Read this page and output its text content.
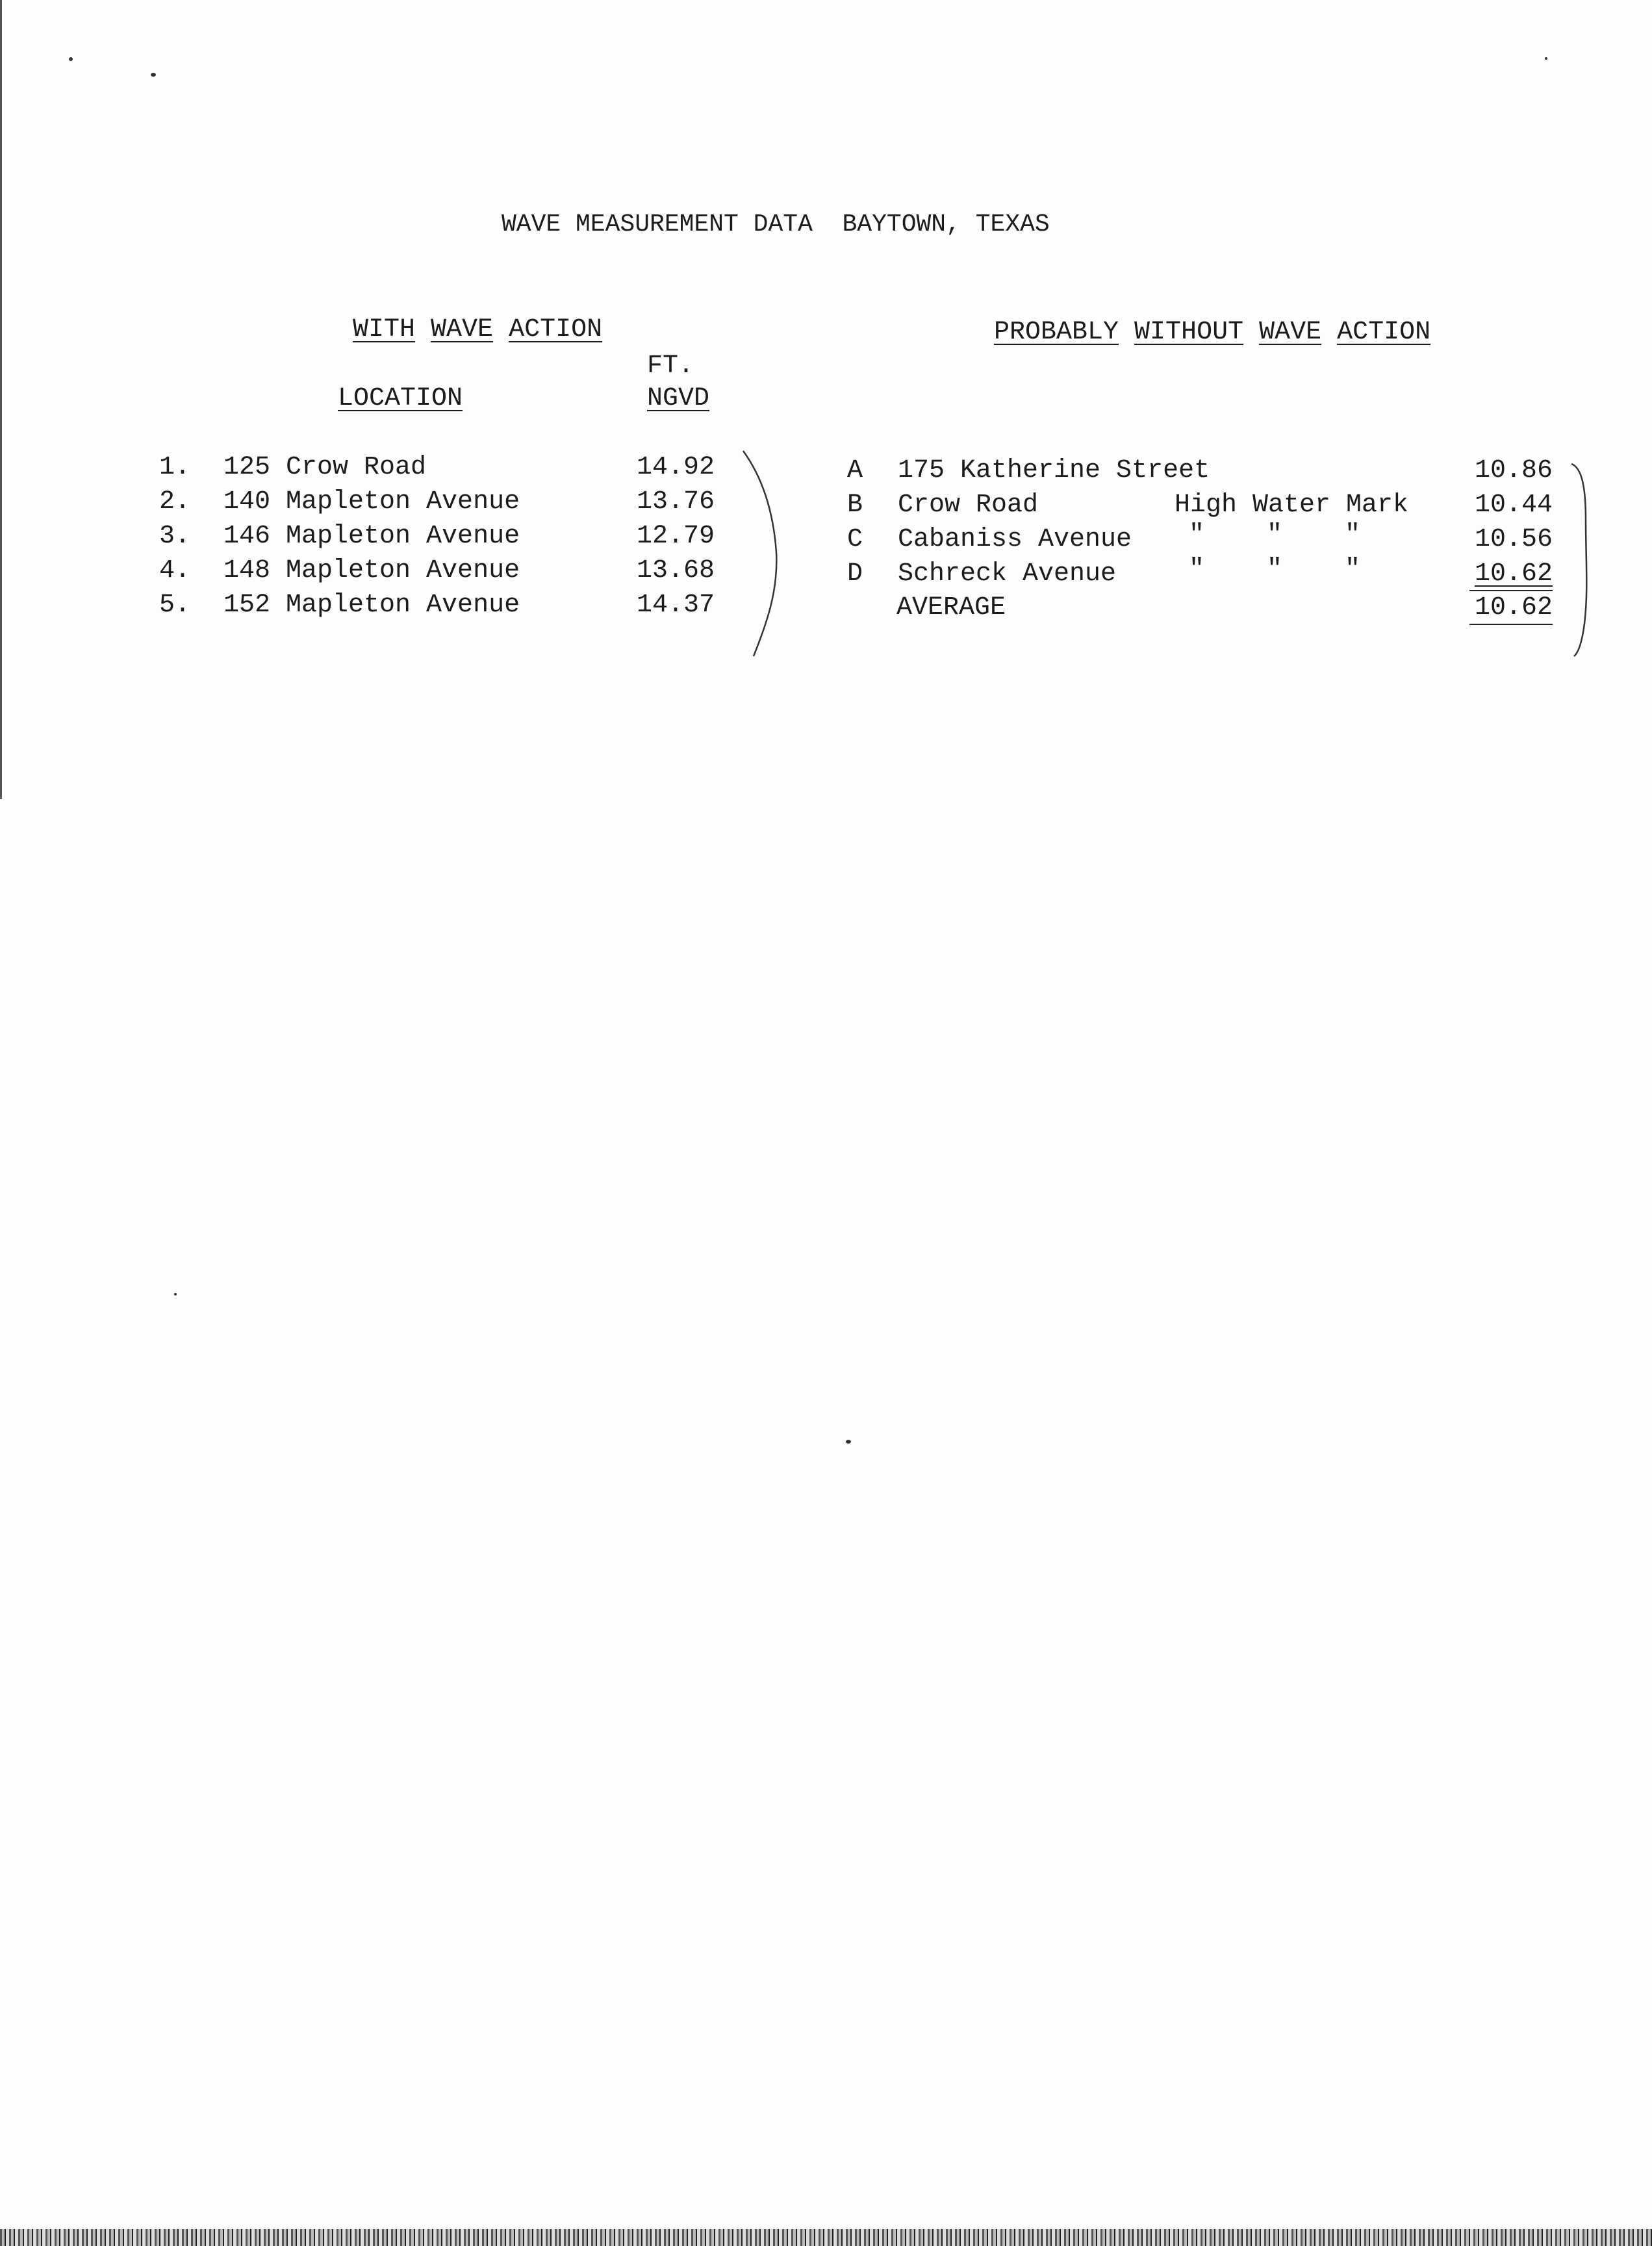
WAVE MEASUREMENT DATA  BAYTOWN, TEXAS
WITH WAVE ACTION
FT.
LOCATION	NGVD
1. 125 Crow Road	14.92
2. 140 Mapleton Avenue	13.76
3. 146 Mapleton Avenue	12.79
4. 148 Mapleton Avenue	13.68
5. 152 Mapleton Avenue	14.37
PROBABLY WITHOUT WAVE ACTION
A 175 Katherine Street	10.86
B Crow Road	High Water Mark	10.44
C Cabaniss Avenue "    "    "	10.56
D Schreck Avenue	"    "    "	10.62
AVERAGE	10.62
